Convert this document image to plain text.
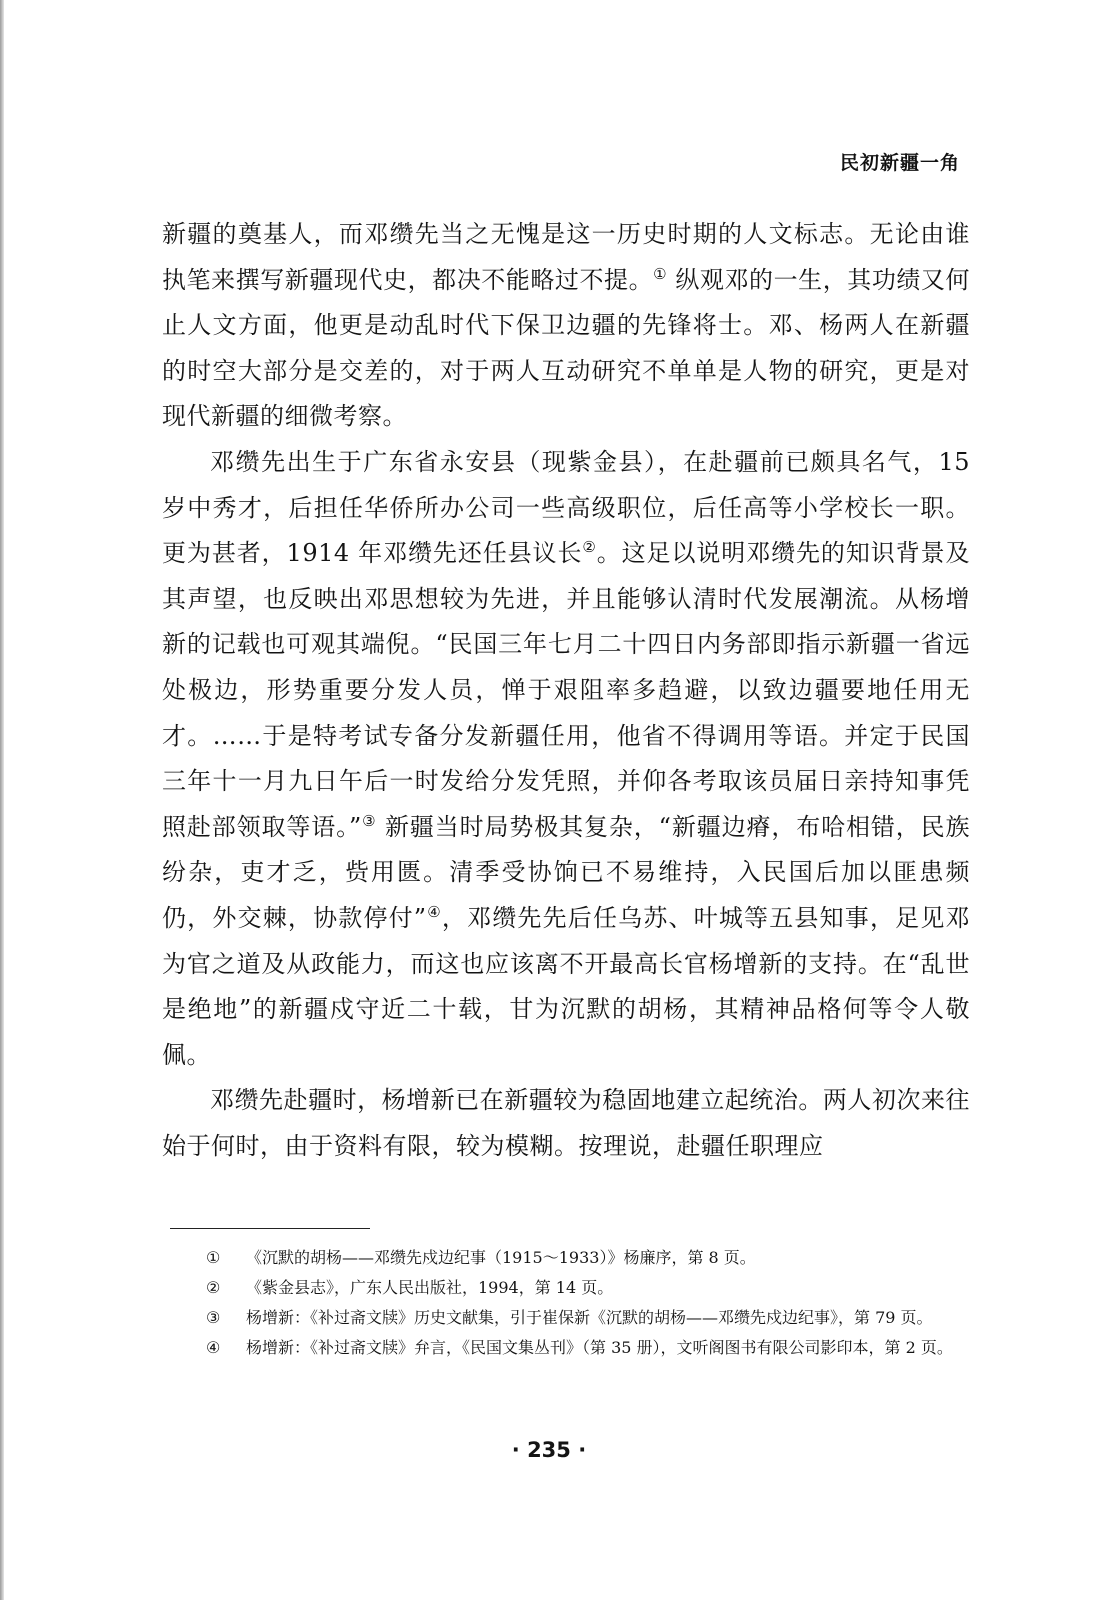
民初新疆一角

新疆的奠基人，而邓缵先当之无愧是这一历史时期的人文标志。无论由谁执笔来撰写新疆现代史，都决不能略过不提。① 纵观邓的一生，其功绩又何止人文方面，他更是动乱时代下保卫边疆的先锋将士。邓、杨两人在新疆的时空大部分是交差的，对于两人互动研究不单单是人物的研究，更是对现代新疆的细微考察。

邓缵先出生于广东省永安县（现紫金县），在赴疆前已颇具名气，15 岁中秀才，后担任华侨所办公司一些高级职位，后任高等小学校长一职。更为甚者，1914 年邓缵先还任县议长②。这足以说明邓缵先的知识背景及其声望，也反映出邓思想较为先进，并且能够认清时代发展潮流。从杨增新的记载也可观其端倪。“民国三年七月二十四日内务部即指示新疆一省远处极边，形势重要分发人员，惮于艰阻率多趋避，以致边疆要地任用无才。……于是特考试专备分发新疆任用，他省不得调用等语。并定于民国三年十一月九日午后一时发给分发凭照，并仰各考取该员届日亲持知事凭照赴部领取等语。”③ 新疆当时局势极其复杂，“新疆边瘠，布哈相错，民族纷杂，吏才乏，赀用匮。清季受协饷已不易维持，入民国后加以匪患频仍，外交棘，协款停付”④，邓缵先先后任乌苏、叶城等五县知事，足见邓为官之道及从政能力，而这也应该离不开最高长官杨增新的支持。在“乱世是绝地”的新疆戍守近二十载，甘为沉默的胡杨，其精神品格何等令人敬佩。

邓缵先赴疆时，杨增新已在新疆较为稳固地建立起统治。两人初次来往始于何时，由于资料有限，较为模糊。按理说，赴疆任职理应

① 《沉默的胡杨——邓缵先戍边纪事（1915～1933）》杨廉序，第 8 页。
② 《紫金县志》，广东人民出版社，1994，第 14 页。
③ 杨增新：《补过斋文牍》历史文献集，引于崔保新《沉默的胡杨——邓缵先戍边纪事》，第 79 页。
④ 杨增新：《补过斋文牍》弁言，《民国文集丛刊》（第 35 册），文听阁图书有限公司影印本，第 2 页。
· 235 ·
